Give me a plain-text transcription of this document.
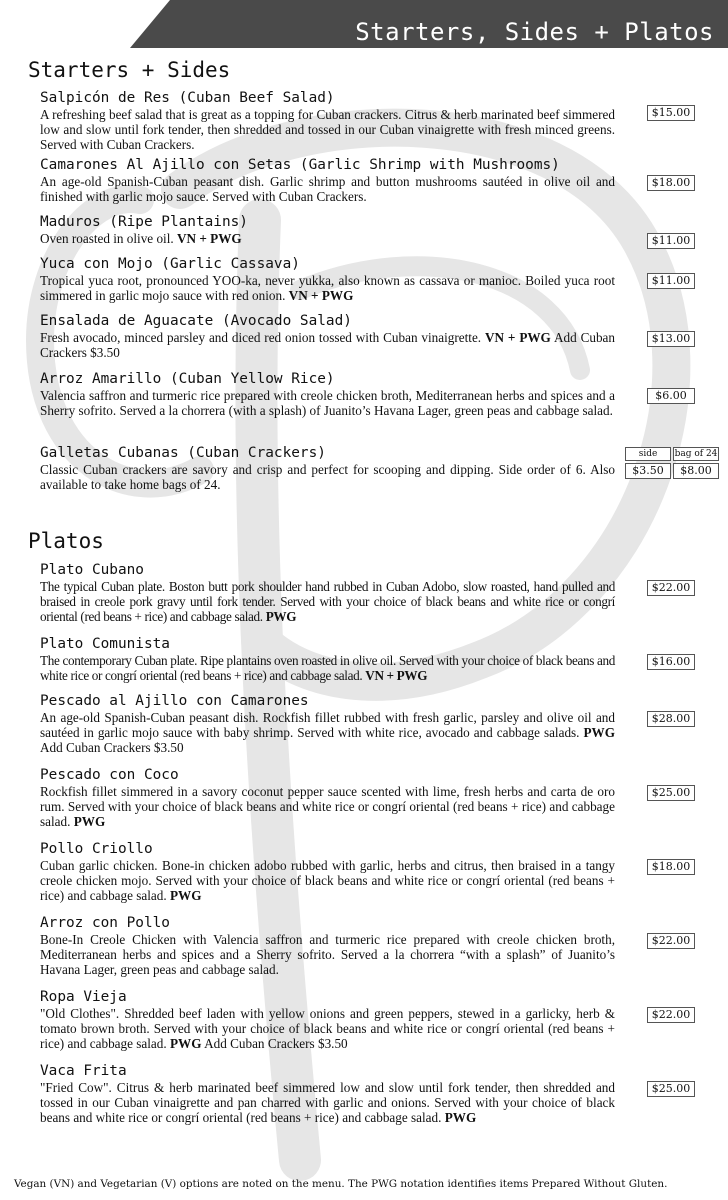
Starters, Sides + Platos
Starters + Sides
Salpicón de Res (Cuban Beef Salad)
A refreshing beef salad that is great as a topping for Cuban crackers. Citrus & herb marinated beef simmered low and slow until fork tender, then shredded and tossed in our Cuban vinaigrette with fresh minced greens. Served with Cuban Crackers.
$15.00
Camarones Al Ajillo con Setas (Garlic Shrimp with Mushrooms)
An age-old Spanish-Cuban peasant dish. Garlic shrimp and button mushrooms sautéed in olive oil and finished with garlic mojo sauce. Served with Cuban Crackers.
$18.00
Maduros (Ripe Plantains)
Oven roasted in olive oil. VN + PWG	$11.00
Yuca con Mojo (Garlic Cassava)
Tropical yuca root, pronounced YOO-ka, never yukka, also known as cassava or manioc. Boiled yuca root simmered in garlic mojo sauce with red onion. VN + PWG
$11.00
Ensalada de Aguacate (Avocado Salad)
Fresh avocado, minced parsley and diced red onion tossed with Cuban vinaigrette. VN + PWG Add Cuban Crackers $3.50
$13.00
Arroz Amarillo (Cuban Yellow Rice)
Valencia saffron and turmeric rice prepared with creole chicken broth, Mediterranean herbs and spices and a Sherry sofrito. Served a la chorrera (with a splash) of Juanito’s Havana Lager, green peas and cabbage salad.
$6.00
Galletas Cubanas (Cuban Crackers)
Classic Cuban crackers are savory and crisp and perfect for scooping and dipping. Side order of 6. Also available to take home bags of 24.
side	bag of 24
$3.50	$8.00
Platos
Plato Cubano
The typical Cuban plate. Boston butt pork shoulder hand rubbed in Cuban Adobo, slow roasted, hand pulled and braised in creole pork gravy until fork tender. Served with your choice of black beans and white rice or congrí oriental (red beans + rice) and cabbage salad. PWG
$22.00
Plato Comunista
The contemporary Cuban plate. Ripe plantains oven roasted in olive oil. Served with your choice of black beans and white rice or congrí oriental (red beans + rice) and cabbage salad. VN + PWG
$16.00
Pescado al Ajillo con Camarones
An age-old Spanish-Cuban peasant dish. Rockfish fillet rubbed with fresh garlic, parsley and olive oil and sautéed in garlic mojo sauce with baby shrimp. Served with white rice, avocado and cabbage salads. PWG Add Cuban Crackers $3.50
$28.00
Pescado con Coco
Rockfish fillet simmered in a savory coconut pepper sauce scented with lime, fresh herbs and carta de oro rum. Served with your choice of black beans and white rice or congrí oriental (red beans + rice) and cabbage salad. PWG
$25.00
Pollo Criollo
Cuban garlic chicken. Bone-in chicken adobo rubbed with garlic, herbs and citrus, then braised in a tangy creole chicken mojo. Served with your choice of black beans and white rice or congrí oriental (red beans + rice) and cabbage salad. PWG
$18.00
Arroz con Pollo
Bone-In Creole Chicken with Valencia saffron and turmeric rice prepared with creole chicken broth, Mediterranean herbs and spices and a Sherry sofrito. Served a la chorrera “with a splash” of Juanito’s Havana Lager, green peas and cabbage salad.
$22.00
Ropa Vieja
"Old Clothes". Shredded beef laden with yellow onions and green peppers, stewed in a garlicky, herb & tomato brown broth. Served with your choice of black beans and white rice or congrí oriental (red beans + rice) and cabbage salad. PWG Add Cuban Crackers $3.50
$22.00
Vaca Frita
"Fried Cow". Citrus & herb marinated beef simmered low and slow until fork tender, then shredded and tossed in our Cuban vinaigrette and pan charred with garlic and onions. Served with your choice of black beans and white rice or congrí oriental (red beans + rice) and cabbage salad. PWG
$25.00
Vegan (VN) and Vegetarian (V) options are noted on the menu. The PWG notation identifies items Prepared Without Gluten.
